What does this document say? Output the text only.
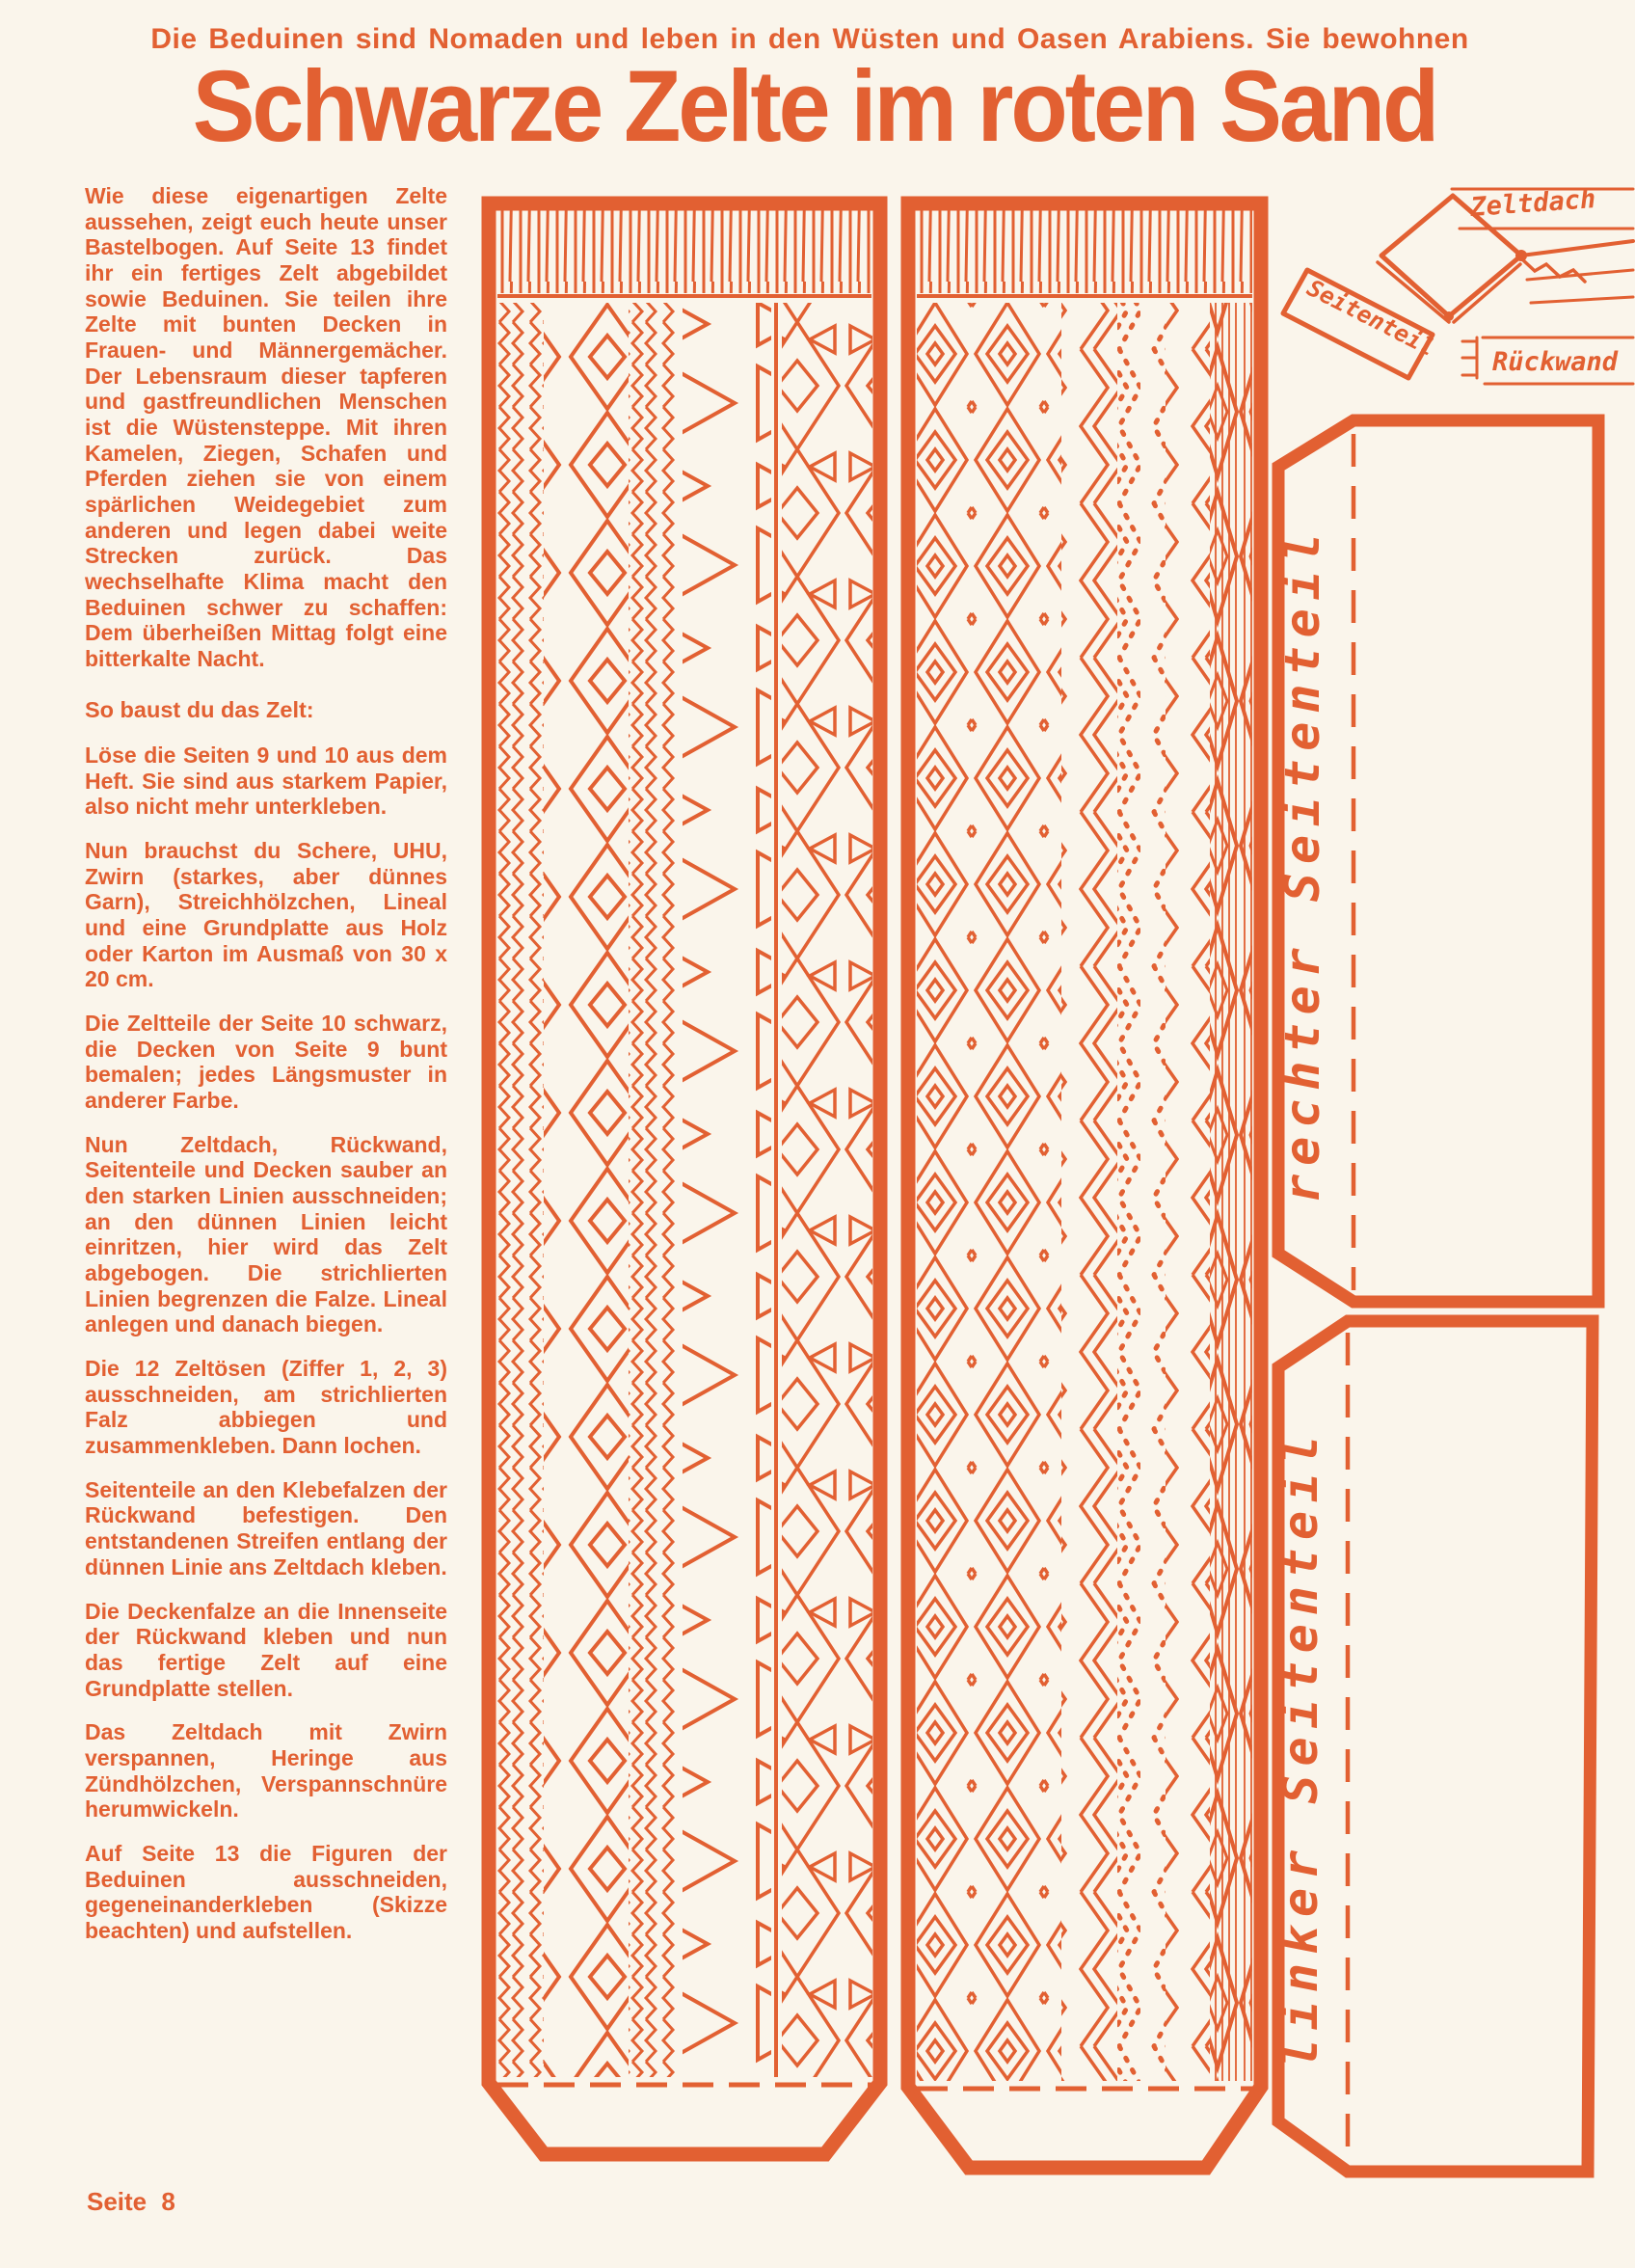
Die Beduinen sind Nomaden und leben in den Wüsten und Oasen Arabiens. Sie bewohnen
Schwarze Zelte im roten Sand

Wie diese eigenartigen Zelte aussehen, zeigt euch heute unser Bastelbogen. Auf Seite 13 findet ihr ein fertiges Zelt abgebildet sowie Beduinen. Sie teilen ihre Zelte mit bunten Decken in Frauen- und Männergemächer. Der Lebensraum dieser tapferen und gastfreundlichen Menschen ist die Wüstensteppe. Mit ihren Kamelen, Ziegen, Schafen und Pferden ziehen sie von einem spärlichen Weidegebiet zum anderen und legen dabei weite Strecken zurück. Das wechselhafte Klima macht den Beduinen schwer zu schaffen: Dem überheißen Mittag folgt eine bitterkalte Nacht.

So baust du das Zelt:

Löse die Seiten 9 und 10 aus dem Heft. Sie sind aus starkem Papier, also nicht mehr unterkleben.

Nun brauchst du Schere, UHU, Zwirn (starkes, aber dünnes Garn), Streichhölzchen, Lineal und eine Grundplatte aus Holz oder Karton im Ausmaß von 30 x 20 cm.

Die Zeltteile der Seite 10 schwarz, die Decken von Seite 9 bunt bemalen; jedes Längsmuster in anderer Farbe.

Nun Zeltdach, Rückwand, Seitenteile und Decken sauber an den starken Linien ausschneiden; an den dünnen Linien leicht einritzen, hier wird das Zelt abgebogen. Die strichlierten Linien begrenzen die Falze. Lineal anlegen und danach biegen.

Die 12 Zeltösen (Ziffer 1, 2, 3) ausschneiden, am strichlierten Falz abbiegen und zusammenkleben. Dann lochen.

Seitenteile an den Klebefalzen der Rückwand befestigen. Den entstandenen Streifen entlang der dünnen Linie ans Zeltdach kleben.

Die Deckenfalze an die Innenseite der Rückwand kleben und nun das fertige Zelt auf eine Grundplatte stellen.

Das Zeltdach mit Zwirn verspannen, Heringe aus Zündhölzchen, Verspannschnüre herumwickeln.

Auf Seite 13 die Figuren der Beduinen ausschneiden, gegeneinanderkleben (Skizze beachten) und aufstellen.

Zeltdach
Seitenteil
Rückwand
rechter Seitenteil
linker Seitenteil
Seite 8
